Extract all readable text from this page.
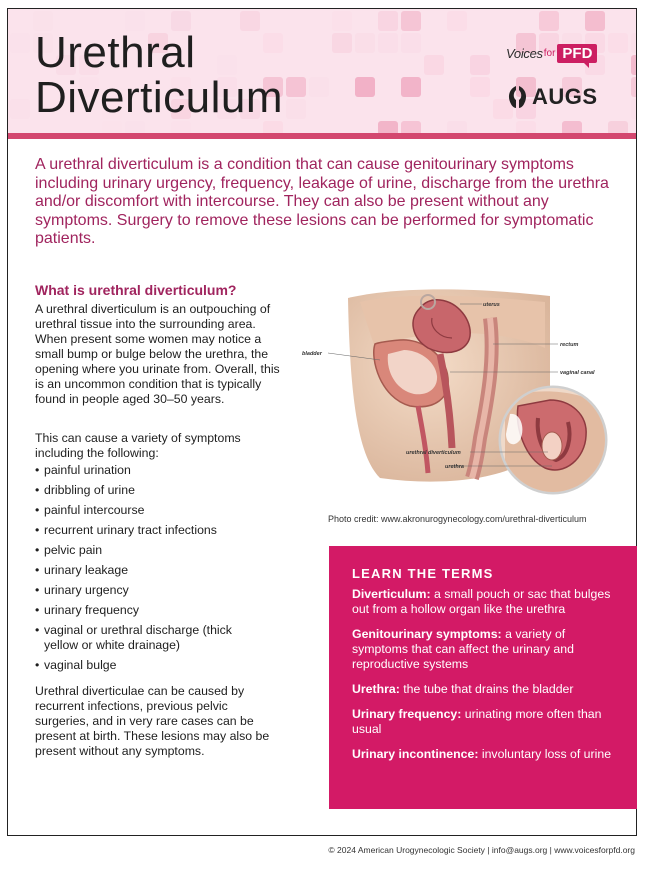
Urethral
Diverticulum
Voices for PFD
AUGS

A urethral diverticulum is a condition that can cause genitourinary symptoms including urinary urgency, frequency, leakage of urine, discharge from the urethra and/or discomfort with intercourse. They can also be present without any symptoms. Surgery to remove these lesions can be performed for symptomatic patients.

What is urethral diverticulum?

A urethral diverticulum is an outpouching of urethral tissue into the surrounding area. When present some women may notice a small bump or bulge below the urethra, the opening where you urinate from. Overall, this is an uncommon condition that is typically found in people aged 30–50 years.

This can cause a variety of symptoms including the following:

• painful urination
• dribbling of urine
• painful intercourse
• recurrent urinary tract infections
• pelvic pain
• urinary leakage
• urinary urgency
• urinary frequency
• vaginal or urethral discharge (thick yellow or white drainage)
• vaginal bulge

Urethral diverticulae can be caused by recurrent infections, previous pelvic surgeries, and in very rare cases can be present at birth. These lesions may also be present without any symptoms.

uterus
rectum
bladder
vaginal canal
urethral diverticulum
urethra

Photo credit: www.akronurogynecology.com/urethral-diverticulum

LEARN THE TERMS

Diverticulum: a small pouch or sac that bulges out from a hollow organ like the urethra

Genitourinary symptoms: a variety of symptoms that can affect the urinary and reproductive systems

Urethra: the tube that drains the bladder

Urinary frequency: urinating more often than usual

Urinary incontinence: involuntary loss of urine

© 2024 American Urogynecologic Society | info@augs.org | www.voicesforpfd.org
